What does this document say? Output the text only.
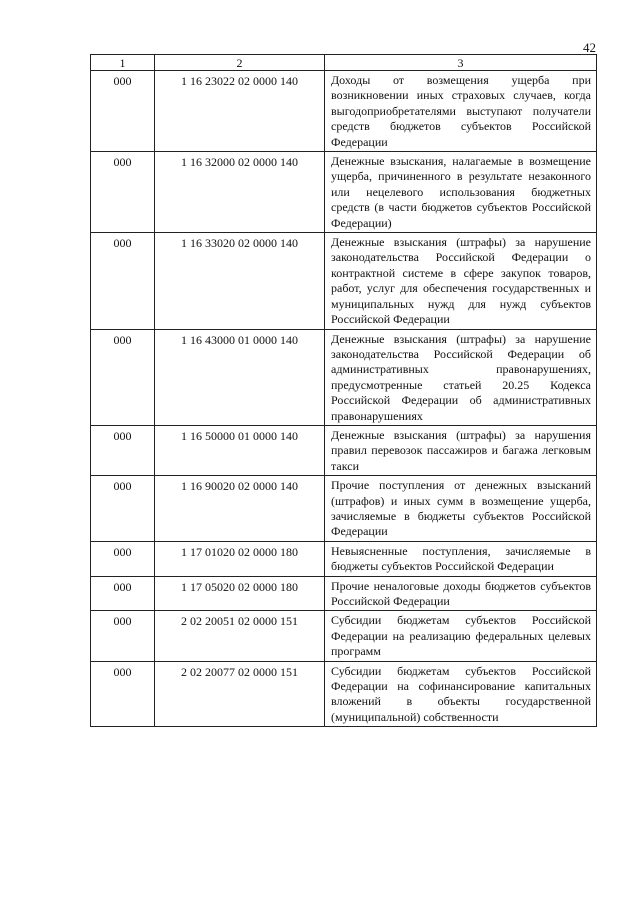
42
1	2	3
000	1 16 23022 02 0000 140	Доходы от возмещения ущерба при возникновении иных страховых случаев, когда выгодоприобретателями выступают получатели средств бюджетов субъектов Российской Федерации
000	1 16 32000 02 0000 140	Денежные взыскания, налагаемые в возмещение ущерба, причиненного в результате незаконного или нецелевого использования бюджетных средств (в части бюджетов субъектов Российской Федерации)
000	1 16 33020 02 0000 140	Денежные взыскания (штрафы) за нарушение законодательства Российской Федерации о контрактной системе в сфере закупок товаров, работ, услуг для обеспечения государственных и муниципальных нужд для нужд субъектов Российской Федерации
000	1 16 43000 01 0000 140	Денежные взыскания (штрафы) за нарушение законодательства Российской Федерации об административных правонарушениях, предусмотренные статьей 20.25 Кодекса Российской Федерации об административных правонарушениях
000	1 16 50000 01 0000 140	Денежные взыскания (штрафы) за нарушения правил перевозок пассажиров и багажа легковым такси
000	1 16 90020 02 0000 140	Прочие поступления от денежных взысканий (штрафов) и иных сумм в возмещение ущерба, зачисляемые в бюджеты субъектов Российской Федерации
000	1 17 01020 02 0000 180	Невыясненные поступления, зачисляемые в бюджеты субъектов Российской Федерации
000	1 17 05020 02 0000 180	Прочие неналоговые доходы бюджетов субъектов Российской Федерации
000	2 02 20051 02 0000 151	Субсидии бюджетам субъектов Российской Федерации на реализацию федеральных целевых программ
000	2 02 20077 02 0000 151	Субсидии бюджетам субъектов Российской Федерации на софинансирование капитальных вложений в объекты государственной (муниципальной) собственности
